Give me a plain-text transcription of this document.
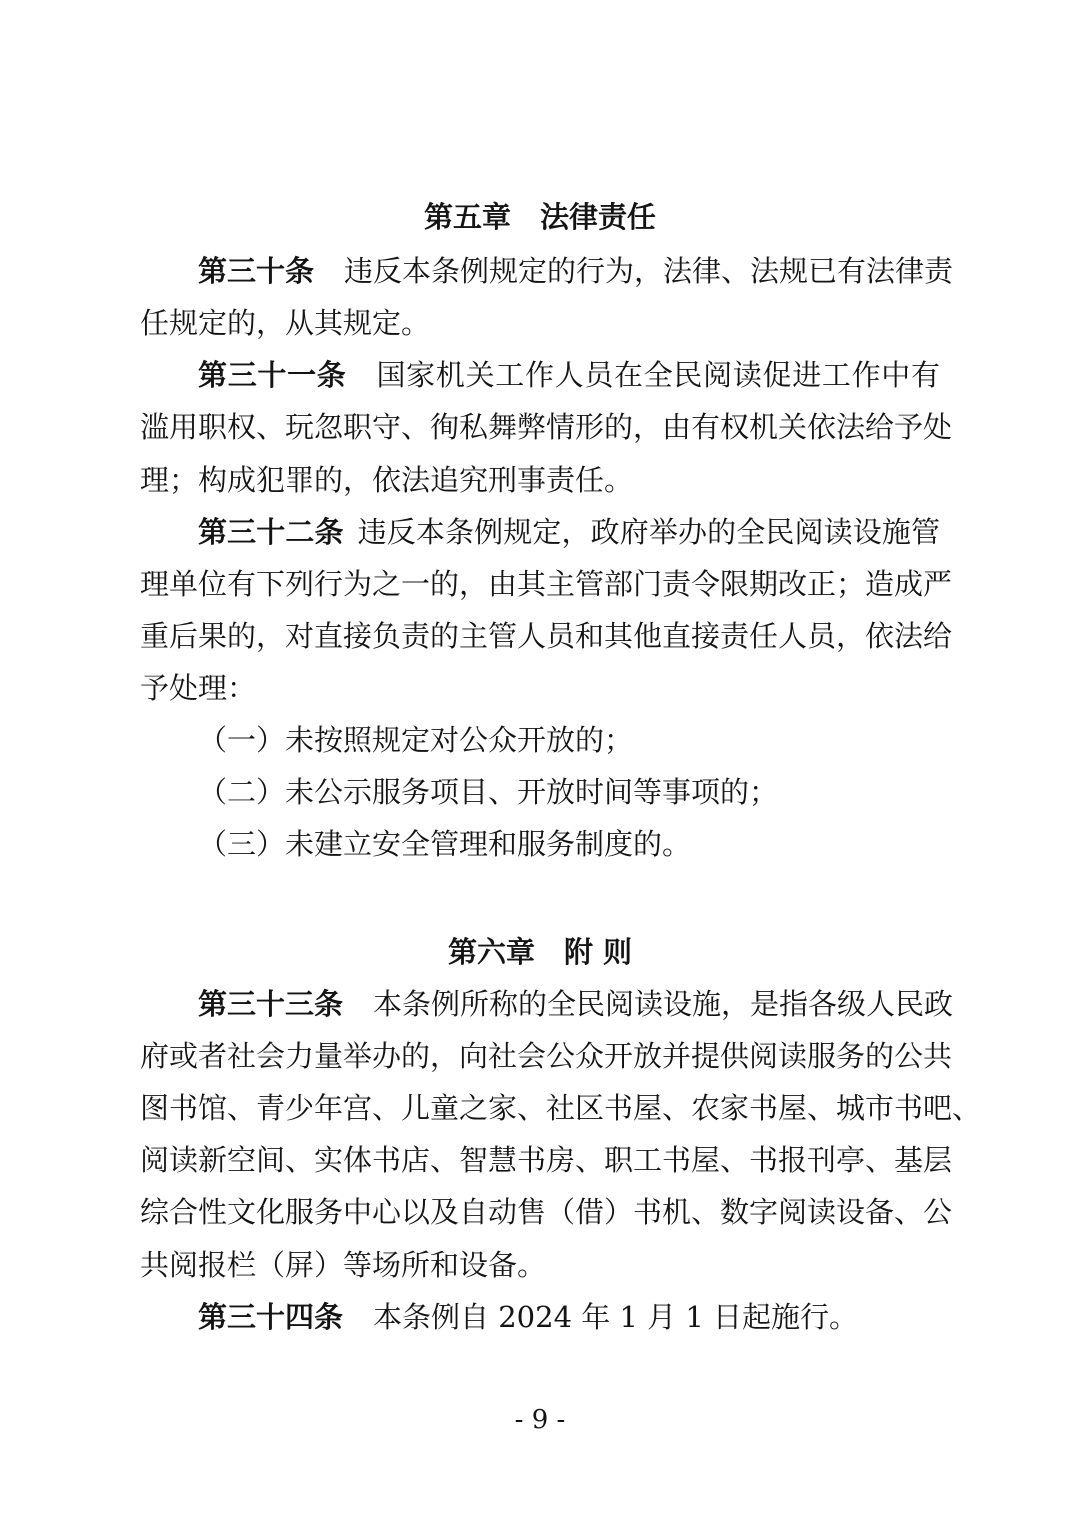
第五章　法律责任
第三十条 违反本条例规定的行为，法律、法规已有法律责
任规定的，从其规定。
第三十一条 国家机关工作人员在全民阅读促进工作中有
滥用职权、玩忽职守、徇私舞弊情形的，由有权机关依法给予处
理；构成犯罪的，依法追究刑事责任。
第三十二条 违反本条例规定，政府举办的全民阅读设施管
理单位有下列行为之一的，由其主管部门责令限期改正；造成严
重后果的，对直接负责的主管人员和其他直接责任人员，依法给
予处理：
（一）未按照规定对公众开放的；
（二）未公示服务项目、开放时间等事项的；
（三）未建立安全管理和服务制度的。
第六章　附 则
第三十三条 本条例所称的全民阅读设施，是指各级人民政
府或者社会力量举办的，向社会公众开放并提供阅读服务的公共
图书馆、青少年宫、儿童之家、社区书屋、农家书屋、城市书吧、
阅读新空间、实体书店、智慧书房、职工书屋、书报刊亭、基层
综合性文化服务中心以及自动售（借）书机、数字阅读设备、公
共阅报栏（屏）等场所和设备。
第三十四条 本条例自 2024 年 1 月 1 日起施行。
- 9 -
